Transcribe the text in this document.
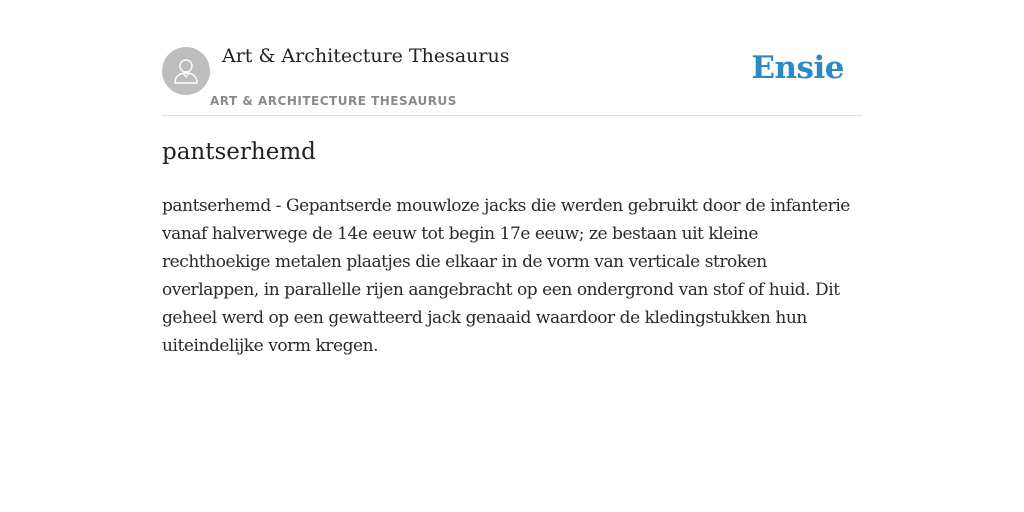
Art & Architecture Thesaurus
ART & ARCHITECTURE THESAURUS
Ensie
pantserhemd

pantserhemd - Gepantserde mouwloze jacks die werden gebruikt door de infanterie vanaf halverwege de 14e eeuw tot begin 17e eeuw; ze bestaan uit kleine rechthoekige metalen plaatjes die elkaar in de vorm van verticale stroken overlappen, in parallelle rijen aangebracht op een ondergrond van stof of huid. Dit geheel werd op een gewatteerd jack genaaid waardoor de kledingstukken hun uiteindelijke vorm kregen.
